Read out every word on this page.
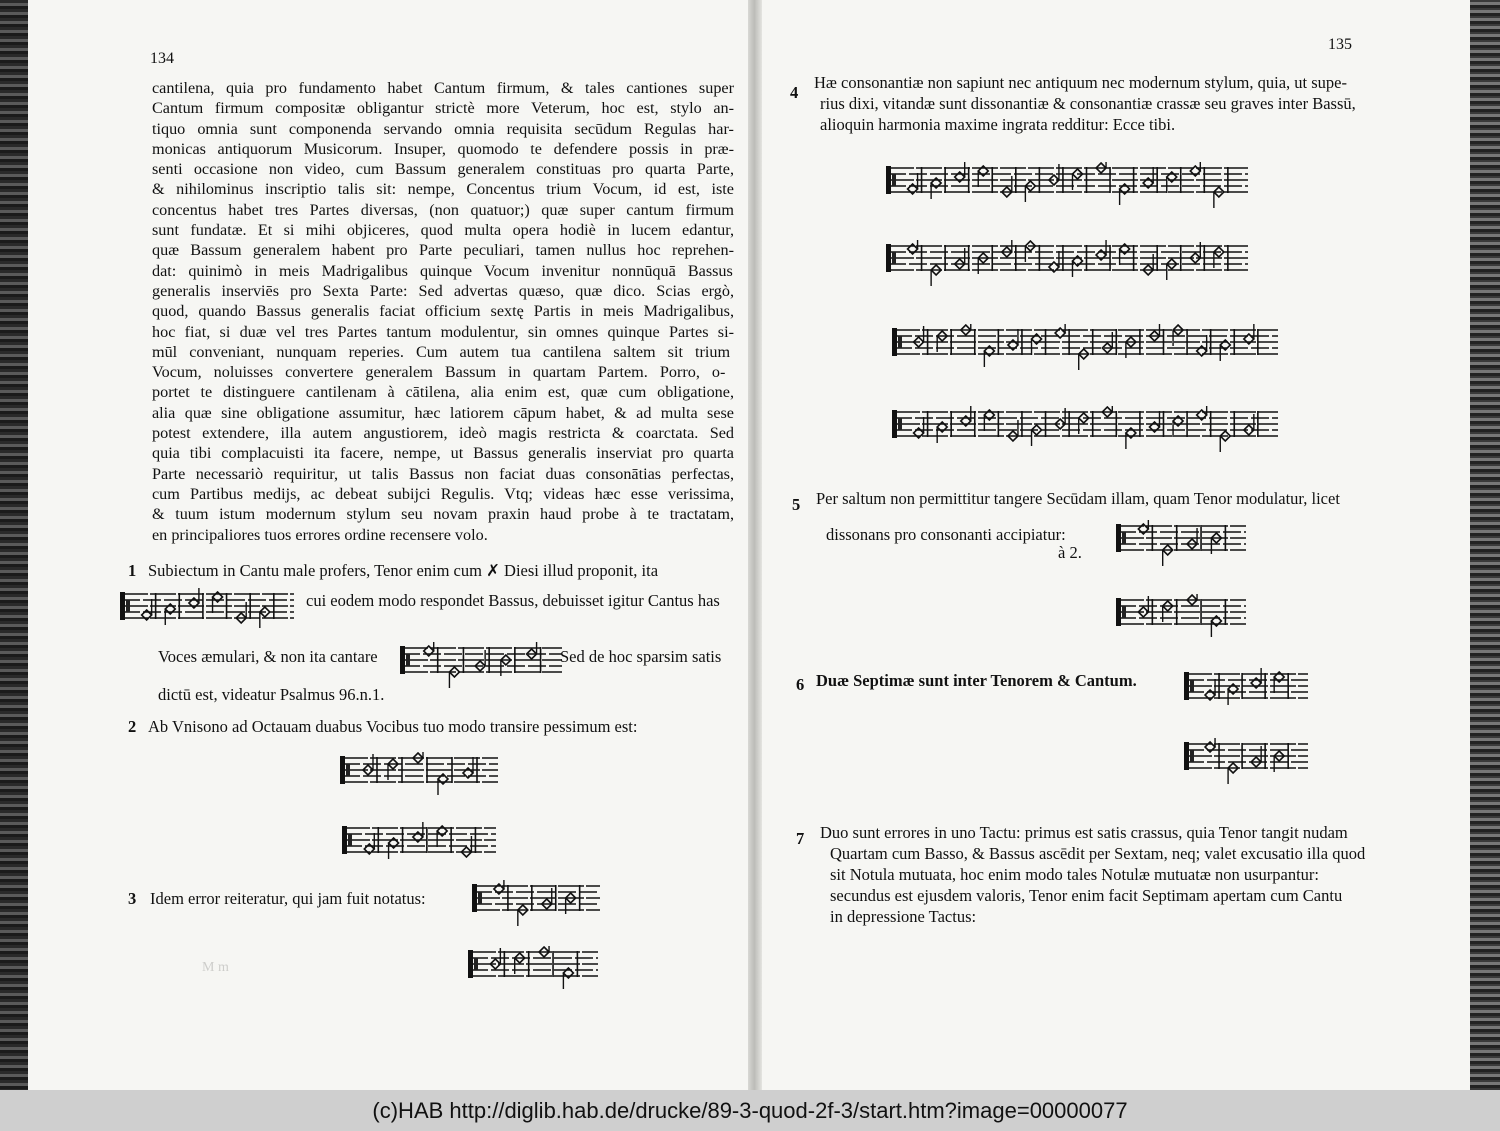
134
cantilena, quia pro fundamento habet Cantum firmum, & tales cantiones super
Cantum firmum compositæ obligantur strictè more Veterum, hoc est, stylo an-
tiquo omnia sunt componenda servando omnia requisita secūdum Regulas har-
monicas antiquorum Musicorum. Insuper, quomodo te defendere possis in præ-
senti occasione non video, cum Bassum generalem constituas pro quarta Parte,
& nihilominus inscriptio talis sit: nempe, Concentus trium Vocum, id est, iste
concentus habet tres Partes diversas, (non quatuor;) quæ super cantum firmum
sunt fundatæ. Et si mihi objiceres, quod multa opera hodiè in lucem edantur,
quæ Bassum generalem habent pro Parte peculiari, tamen nullus hoc reprehen-
dat: quinimò in meis Madrigalibus quinque Vocum invenitur nonnūquā Bassus
generalis inserviēs pro Sexta Parte: Sed advertas quæso, quæ dico. Scias ergò,
quod, quando Bassus generalis faciat officium sextę Partis in meis Madrigalibus,
hoc fiat, si duæ vel tres Partes tantum modulentur, sin omnes quinque Partes si-
mūl conveniant, nunquam reperies. Cum autem tua cantilena saltem sit trium
Vocum, noluisses convertere generalem Bassum in quartam Partem. Porro, o-
portet te distinguere cantilenam à cātilena, alia enim est, quæ cum obligatione,
alia quæ sine obligatione assumitur, hæc latiorem cāpum habet, & ad multa sese
potest extendere, illa autem angustiorem, ideò magis restricta & coarctata. Sed
quia tibi complacuisti ita facere, nempe, ut Bassus generalis inserviat pro quarta
Parte necessariò requiritur, ut talis Bassus non faciat duas consonātias perfectas,
cum Partibus medijs, ac debeat subijci Regulis. Vtq; videas hæc esse verissima,
& tuum istum modernum stylum seu novam praxin haud probe à te tractatam,
en principaliores tuos errores ordine recensere volo.
1 Subiectum in Cantu male profers, Tenor enim cum ✗ Diesi illud proponit, ita
cui eodem modo respondet Bassus, debuisset igitur Cantus has
Voces æmulari, & non ita cantare	Sed de hoc sparsim satis
dictū est, videatur Psalmus 96.n.1.
2 Ab Vnisono ad Octauam duabus Vocibus tuo modo transire pessimum est:
3 Idem error reiteratur, qui jam fuit notatus:
M m
135
4
Hæ consonantiæ non sapiunt nec antiquum nec modernum stylum, quia, ut supe-
rius dixi, vitandæ sunt dissonantiæ & consonantiæ crassæ seu graves inter Bassū,
alioquin harmonia maxime ingrata redditur: Ecce tibi.
5 Per saltum non permittitur tangere Secūdam illam, quam Tenor modulatur, licet
dissonans pro consonanti accipiatur:
à 2.
6 Duæ Septimæ sunt inter Tenorem & Cantum.
7 Duo sunt errores in uno Tactu: primus est satis crassus, quia Tenor tangit nudam
Quartam cum Basso, & Bassus ascēdit per Sextam, neq; valet excusatio illa quod
sit Notula mutuata, hoc enim modo tales Notulæ mutuatæ non usurpantur:
secundus est ejusdem valoris, Tenor enim facit Septimam apertam cum Cantu
in depressione Tactus:
(c)HAB http://diglib.hab.de/drucke/89-3-quod-2f-3/start.htm?image=00000077
